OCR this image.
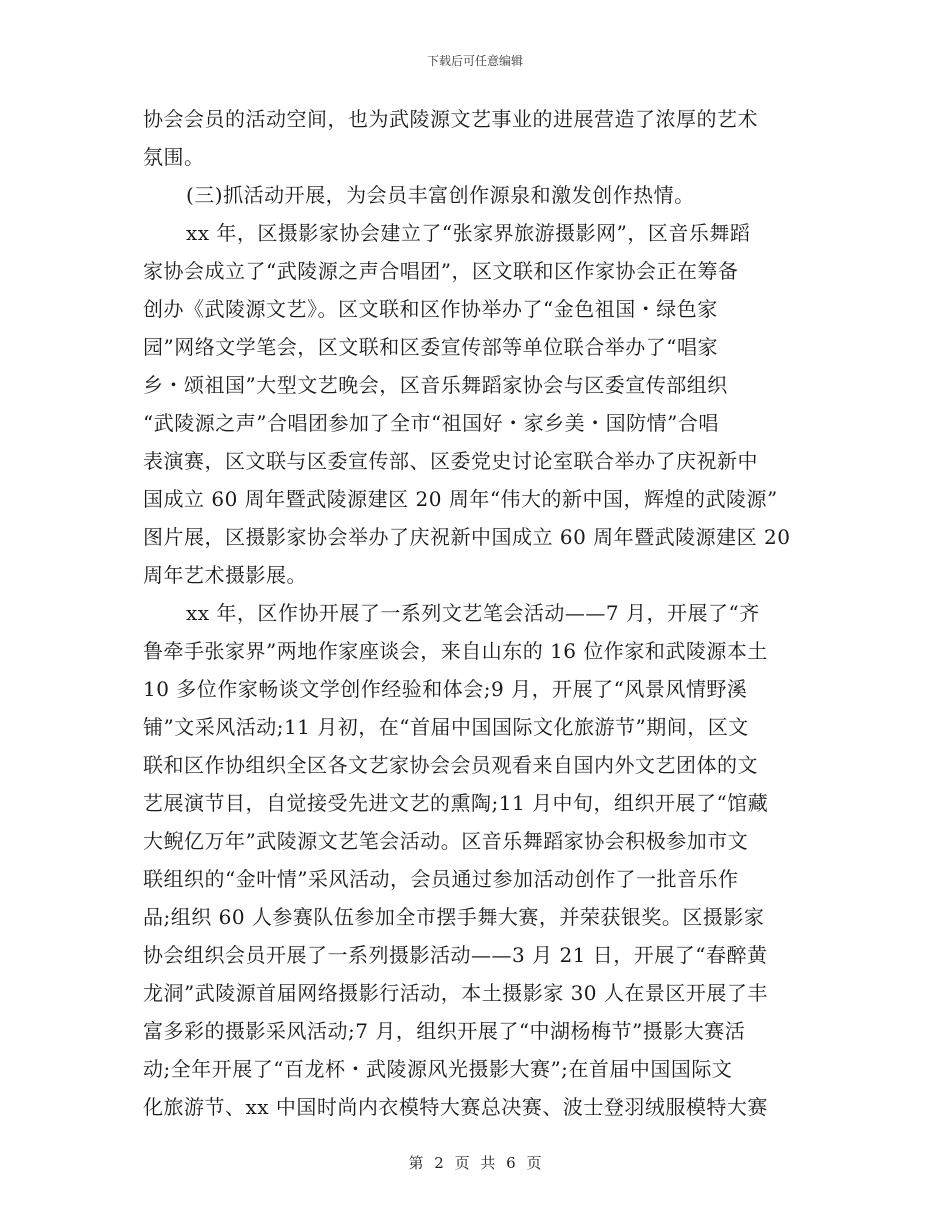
下载后可任意编辑
协会会员的活动空间，也为武陵源文艺事业的进展营造了浓厚的艺术
氛围。
(三)抓活动开展，为会员丰富创作源泉和激发创作热情。
xx 年，区摄影家协会建立了“张家界旅游摄影网”，区音乐舞蹈
家协会成立了“武陵源之声合唱团”，区文联和区作家协会正在筹备
创办《武陵源文艺》。区文联和区作协举办了“金色祖国・绿色家
园”网络文学笔会，区文联和区委宣传部等单位联合举办了“唱家
乡・颂祖国”大型文艺晚会，区音乐舞蹈家协会与区委宣传部组织
“武陵源之声”合唱团参加了全市“祖国好・家乡美・国防情”合唱
表演赛，区文联与区委宣传部、区委党史讨论室联合举办了庆祝新中
国成立 60 周年暨武陵源建区 20 周年“伟大的新中国，辉煌的武陵源”
图片展，区摄影家协会举办了庆祝新中国成立 60 周年暨武陵源建区 20
周年艺术摄影展。
xx 年，区作协开展了一系列文艺笔会活动——7 月，开展了“齐
鲁牵手张家界”两地作家座谈会，来自山东的 16 位作家和武陵源本土
10 多位作家畅谈文学创作经验和体会;9 月，开展了“风景风情野溪
铺”文采风活动;11 月初，在“首届中国国际文化旅游节”期间，区文
联和区作协组织全区各文艺家协会会员观看来自国内外文艺团体的文
艺展演节目，自觉接受先进文艺的熏陶;11 月中旬，组织开展了“馆藏
大鲵亿万年”武陵源文艺笔会活动。区音乐舞蹈家协会积极参加市文
联组织的“金叶情”采风活动，会员通过参加活动创作了一批音乐作
品;组织 60 人参赛队伍参加全市摆手舞大赛，并荣获银奖。区摄影家
协会组织会员开展了一系列摄影活动——3 月 21 日，开展了“春醉黄
龙洞”武陵源首届网络摄影行活动，本土摄影家 30 人在景区开展了丰
富多彩的摄影采风活动;7 月，组织开展了“中湖杨梅节”摄影大赛活
动;全年开展了“百龙杯・武陵源风光摄影大赛”;在首届中国国际文
化旅游节、xx 中国时尚内衣模特大赛总决赛、波士登羽绒服模特大赛
第 2 页 共 6 页
